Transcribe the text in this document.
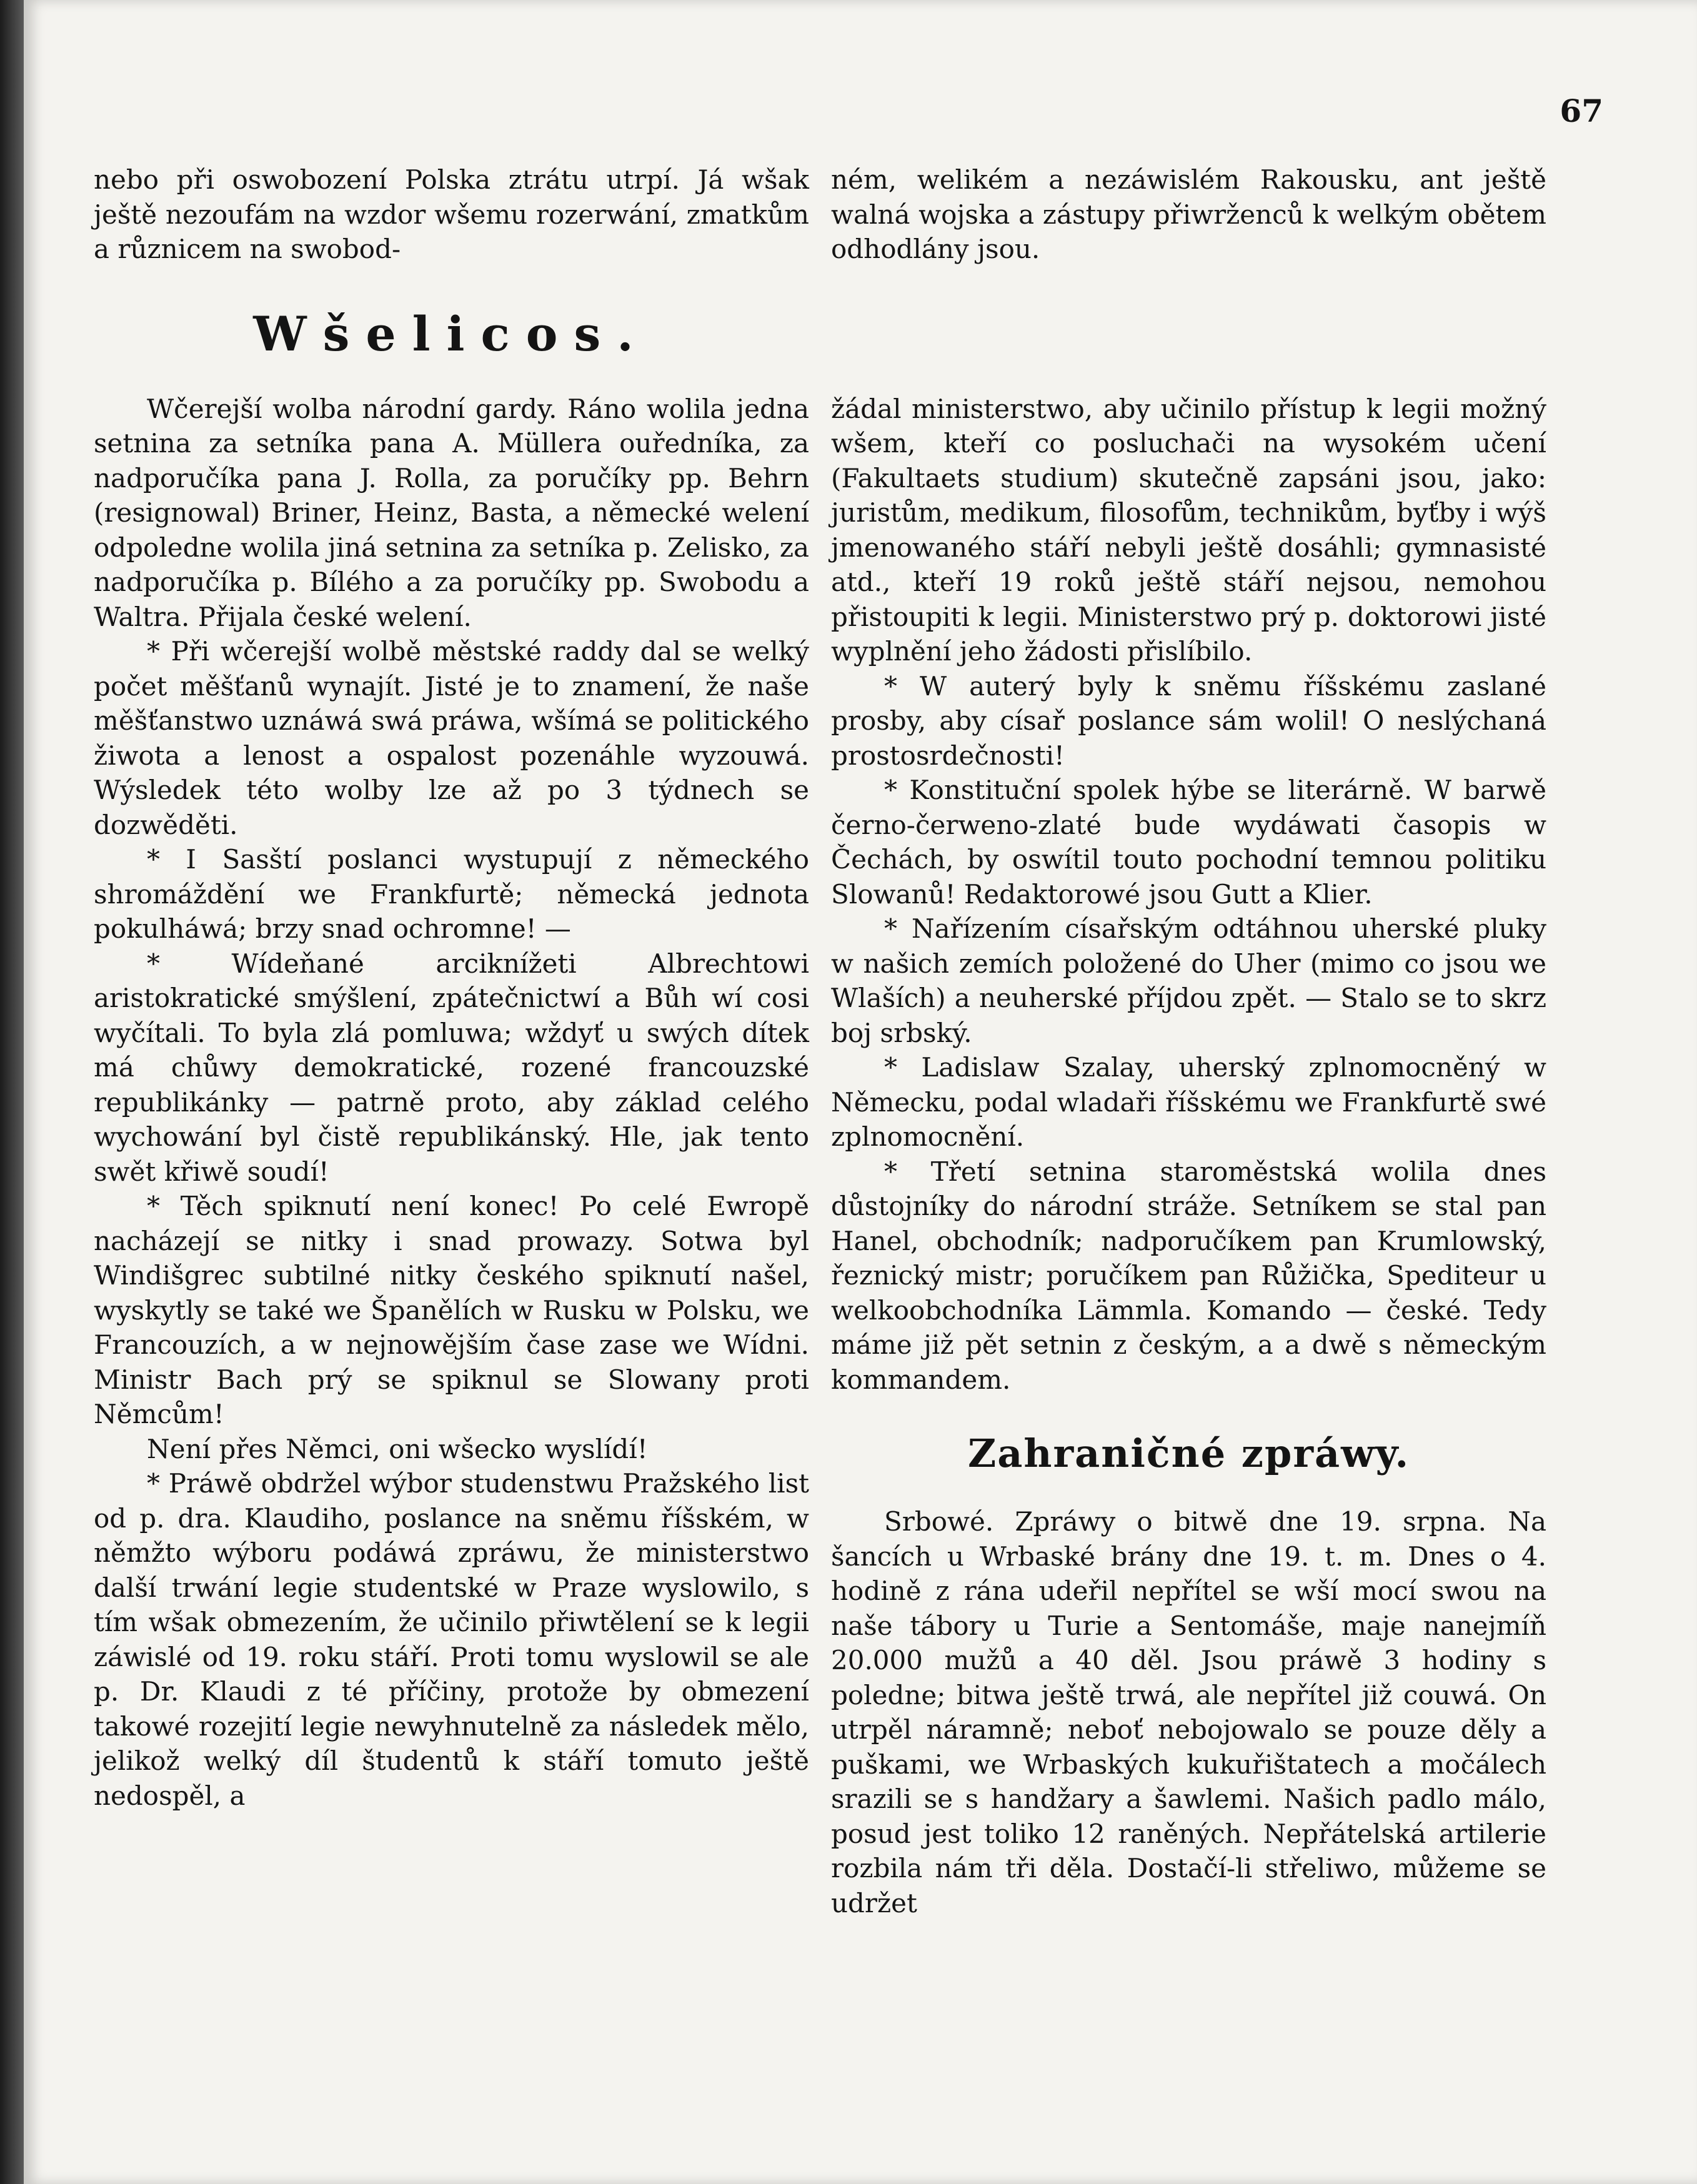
67

nebo při oswobození Polska ztrátu utrpí. Já wšak ještě nezoufám na wzdor wšemu rozerwání, zmatkům a různicem na swobod-

Wšelicos.

Wčerejší wolba národní gardy. Ráno wolila jedna setnina za setníka pana A. Müllera ouředníka, za nadporučíka pana J. Rolla, za poručíky pp. Behrn (resignowal) Briner, Heinz, Basta, a německé welení odpoledne wolila jiná setnina za setníka p. Zelisko, za nadporučíka p. Bílého a za poručíky pp. Swobodu a Waltra. Přijala české welení.

* Při wčerejší wolbě městské raddy dal se welký počet měšťanů wynajít. Jisté je to znamení, že naše měšťanstwo uznáwá swá práwa, wšímá se politického žiwota a lenost a ospalost pozenáhle wyzouwá. Wýsledek této wolby lze až po 3 týdnech se dozwěděti.

* I Sasští poslanci wystupují z německého shromáždění we Frankfurtě; německá jednota pokulháwá; brzy snad ochromne! —

* Wídeňané arciknížeti Albrechtowi aristokratické smýšlení, zpátečnictwí a Bůh wí cosi wyčítali. To byla zlá pomluwa; wždyť u swých dítek má chůwy demokratické, rozené francouzské republikánky — patrně proto, aby základ celého wychowání byl čistě republikánský. Hle, jak tento swět křiwě soudí!

* Těch spiknutí není konec! Po celé Ewropě nacházejí se nitky i snad prowazy. Sotwa byl Windišgrec subtilné nitky českého spiknutí našel, wyskytly se také we Španělích w Rusku w Polsku, we Francouzích, a w nejnowějším čase zase we Wídni. Ministr Bach prý se spiknul se Slowany proti Němcům!

Není přes Němci, oni wšecko wyslídí!

* Práwě obdržel wýbor studenstwu Pražského list od p. dra. Klaudiho, poslance na sněmu říšském, w němžto wýboru podáwá zpráwu, že ministerstwo další trwání legie studentské w Praze wyslowilo, s tím wšak obmezením, že učinilo přiwtělení se k legii záwislé od 19. roku stáří. Proti tomu wyslowil se ale p. Dr. Klaudi z té příčiny, protože by obmezení takowé rozejití legie newyhnutelně za následek mělo, jelikož welký díl študentů k stáří tomuto ještě nedospěl, a

ném, welikém a nezáwislém Rakousku, ant ještě walná wojska a zástupy přiwrženců k welkým obětem odhodlány jsou.

žádal ministerstwo, aby učinilo přístup k legii možný wšem, kteří co posluchači na wysokém učení (Fakultaets studium) skutečně zapsáni jsou, jako: juristům, medikum, filosofům, technikům, byťby i wýš jmenowaného stáří nebyli ještě dosáhli; gymnasisté atd., kteří 19 roků ještě stáří nejsou, nemohou přistoupiti k legii. Ministerstwo prý p. doktorowi jisté wyplnění jeho žádosti přislíbilo.

* W auterý byly k sněmu říšskému zaslané prosby, aby císař poslance sám wolil! O neslýchaná prostosrdečnosti!

* Konstituční spolek hýbe se literárně. W barwě černo-čerweno-zlaté bude wydáwati časopis w Čechách, by oswítil touto pochodní temnou politiku Slowanů! Redaktorowé jsou Gutt a Klier.

* Nařízením císařským odtáhnou uherské pluky w našich zemích položené do Uher (mimo co jsou we Wlaších) a neuherské příjdou zpět. — Stalo se to skrz boj srbský.

* Ladislaw Szalay, uherský zplnomocněný w Německu, podal wladaři říšskému we Frankfurtě swé zplnomocnění.

* Třetí setnina staroměstská wolila dnes důstojníky do národní stráže. Setníkem se stal pan Hanel, obchodník; nadporučíkem pan Krumlowský, řeznický mistr; poručíkem pan Růžička, Spediteur u welkoobchodníka Lämmla. Komando — české. Tedy máme již pět setnin z českým, a a dwě s německým kommandem.

Zahraničné zpráwy.

Srbowé. Zpráwy o bitwě dne 19. srpna. Na šancích u Wrbaské brány dne 19. t. m. Dnes o 4. hodině z rána udeřil nepřítel se wší mocí swou na naše tábory u Turie a Sentomáše, maje nanejmíň 20.000 mužů a 40 děl. Jsou práwě 3 hodiny s poledne; bitwa ještě trwá, ale nepřítel již couwá. On utrpěl náramně; neboť nebojowalo se pouze děly a puškami, we Wrbaských kukuřištatech a močálech srazili se s handžary a šawlemi. Našich padlo málo, posud jest toliko 12 raněných. Nepřátelská artilerie rozbila nám tři děla. Dostačí-li střeliwo, můžeme se udržet
